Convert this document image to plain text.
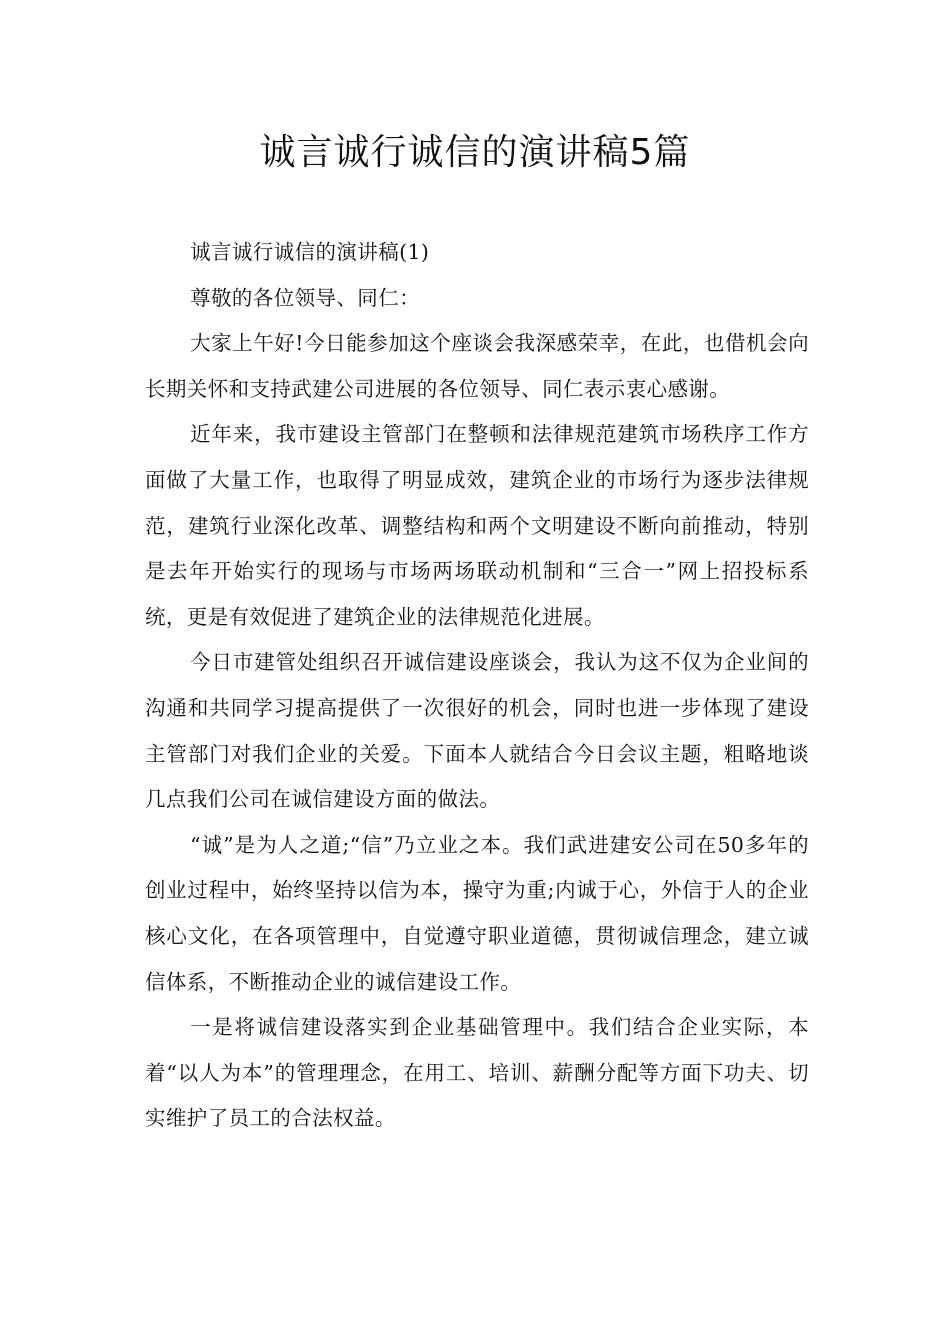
诚言诚行诚信的演讲稿5篇

诚言诚行诚信的演讲稿(1)

尊敬的各位领导、同仁：

大家上午好!今日能参加这个座谈会我深感荣幸，在此，也借机会向长期关怀和支持武建公司进展的各位领导、同仁表示衷心感谢。

近年来，我市建设主管部门在整顿和法律规范建筑市场秩序工作方面做了大量工作，也取得了明显成效，建筑企业的市场行为逐步法律规范，建筑行业深化改革、调整结构和两个文明建设不断向前推动，特别是去年开始实行的现场与市场两场联动机制和“三合一”网上招投标系统，更是有效促进了建筑企业的法律规范化进展。

今日市建管处组织召开诚信建设座谈会，我认为这不仅为企业间的沟通和共同学习提高提供了一次很好的机会，同时也进一步体现了建设主管部门对我们企业的关爱。下面本人就结合今日会议主题，粗略地谈几点我们公司在诚信建设方面的做法。

“诚”是为人之道;“信”乃立业之本。我们武进建安公司在50多年的创业过程中，始终坚持以信为本，操守为重;内诚于心，外信于人的企业核心文化，在各项管理中，自觉遵守职业道德，贯彻诚信理念，建立诚信体系，不断推动企业的诚信建设工作。

一是将诚信建设落实到企业基础管理中。我们结合企业实际，本着“以人为本”的管理理念，在用工、培训、薪酬分配等方面下功夫、切实维护了员工的合法权益。
